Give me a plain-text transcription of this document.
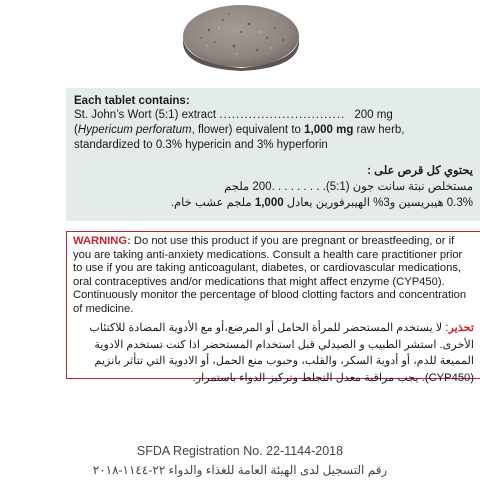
Each tablet contains:
St. John’s Wort (5:1) extract .............................. 200 mg
(Hypericum perforatum, flower) equivalent to 1,000 mg raw herb,
standardized to 0.3% hypericin and 3% hyperforin
يحتوي كل قرص على :
مستخلص نبتة سانت جون (5:1). . . . . . . . .200 ملجم
0.3% هيبريسين و3% الهيبرفورين يعادل 1,000 ملجم عشب خام.
WARNING: Do not use this product if you are pregnant or breastfeeding, or if you are taking anti-anxiety medications. Consult a health care practitioner prior to use if you are taking anticoagulant, diabetes, or cardiovascular medications, oral contraceptives and/or medications that might affect enzyme (CYP450). Continuously monitor the percentage of blood clotting factors and concentration of medicine.
تحذير: لا يستخدم المستحضر للمرأة الحامل أو المرضع،أو مع الأدوية المضادة للاكتئاب الأخرى. استشر الطبيب و الصيدلي قبل استخدام المستحضر اذا كنت تستخدم الادوية المميعة للدم، أو أدوية السكر، والقلب، وحبوب منع الحمل، أو الادوية التي تتأثر بانزيم (CYP450). يجب مراقبة معدل التجلط وتركيز الدواء باستمرار.
SFDA Registration No. 22-1144-2018
رقم التسجيل لدى الهيئة العامة للغذاء والدواء ٢٢-١١٤٤-٢٠١٨
